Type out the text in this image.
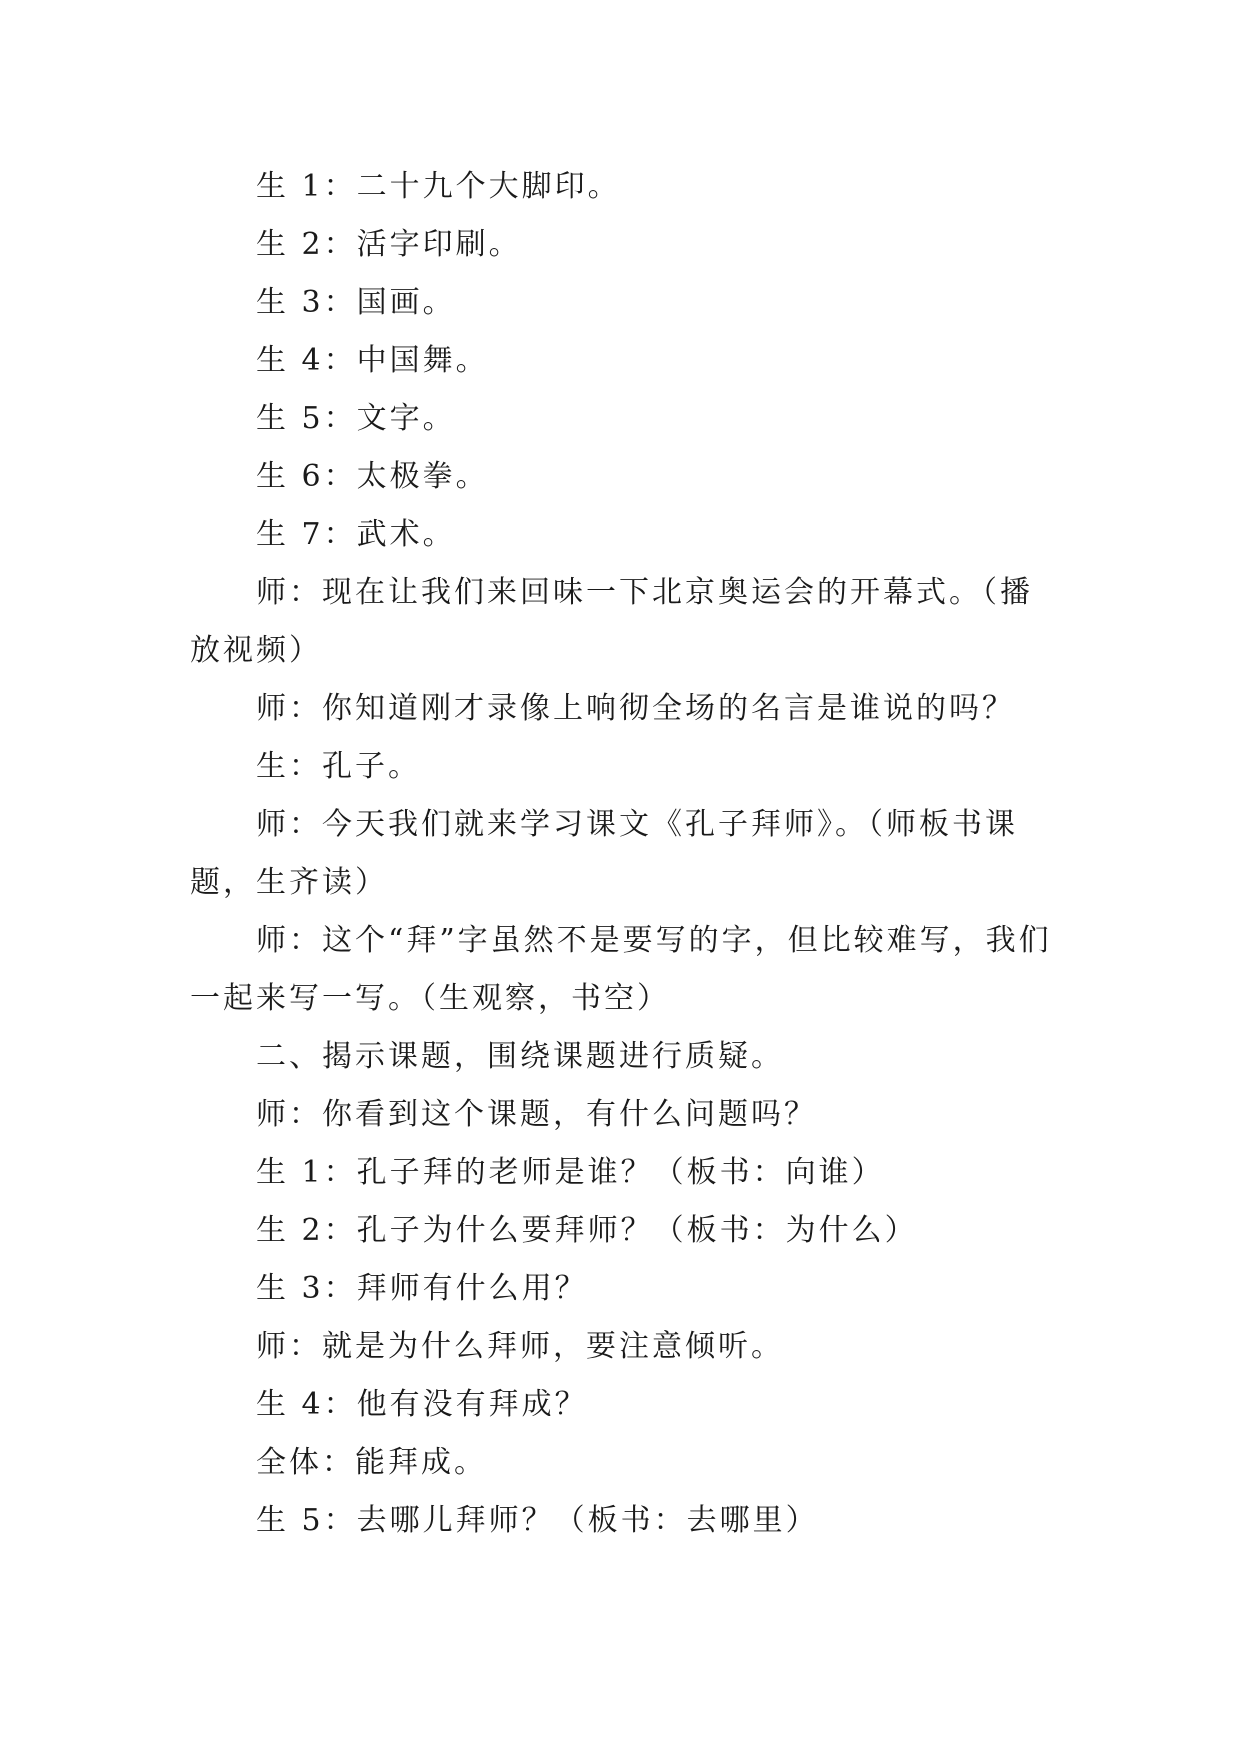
生 1：二十九个大脚印。

生 2：活字印刷。

生 3：国画。

生 4：中国舞。

生 5：文字。

生 6：太极拳。

生 7：武术。

师：现在让我们来回味一下北京奥运会的开幕式。（播放视频）

师：你知道刚才录像上响彻全场的名言是谁说的吗？

生：孔子。

师：今天我们就来学习课文《孔子拜师》。（师板书课题，生齐读）

师：这个“拜”字虽然不是要写的字，但比较难写，我们一起来写一写。（生观察，书空）

二、揭示课题，围绕课题进行质疑。

师：你看到这个课题，有什么问题吗？

生 1：孔子拜的老师是谁？（板书：向谁）

生 2：孔子为什么要拜师？（板书：为什么）

生 3：拜师有什么用？

师：就是为什么拜师，要注意倾听。

生 4：他有没有拜成？

全体：能拜成。

生 5：去哪儿拜师？（板书：去哪里）
